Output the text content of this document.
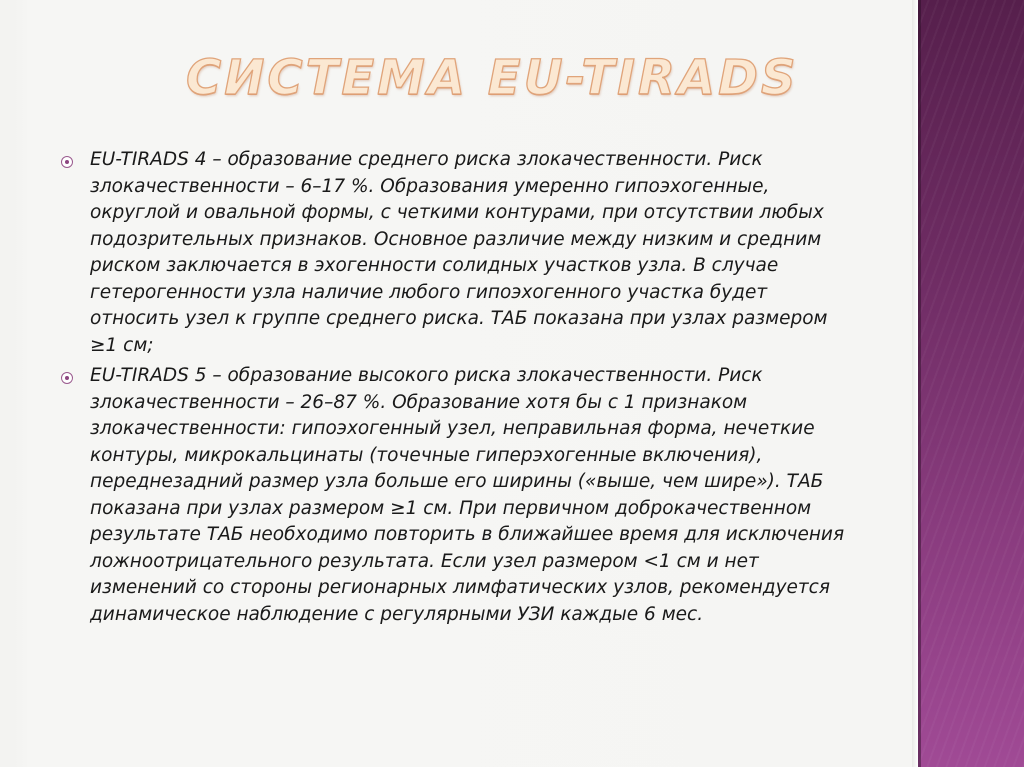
СИСТЕМА EU-TIRADS
EU-TIRADS 4 – образование среднего риска злокачественности. Риск злокачественности – 6–17 %. Образования умеренно гипоэхогенные, округлой и овальной формы, с четкими контурами, при отсутствии любых подозрительных признаков. Основное различие между низким и средним риском заключается в эхогенности солидных участков узла. В случае гетерогенности узла наличие любого гипоэхогенного участка будет относить узел к группе среднего риска. ТАБ показана при узлах размером ≥1 см;
EU-TIRADS 5 – образование высокого риска злокачественности. Риск злокачественности – 26–87 %. Образование хотя бы с 1 признаком злокачественности: гипоэхогенный узел, неправильная форма, нечеткие контуры, микрокальцинаты (точечные гиперэхогенные включения), переднезадний размер узла больше его ширины («выше, чем шире»). ТАБ показана при узлах размером ≥1 см. При первичном доброкачественном результате ТАБ необходимо повторить в ближайшее время для исключения ложноотрицательного результата. Если узел размером <1 см и нет изменений со стороны регионарных лимфатических узлов, рекомендуется динамическое наблюдение с регулярными УЗИ каждые 6 мес.
